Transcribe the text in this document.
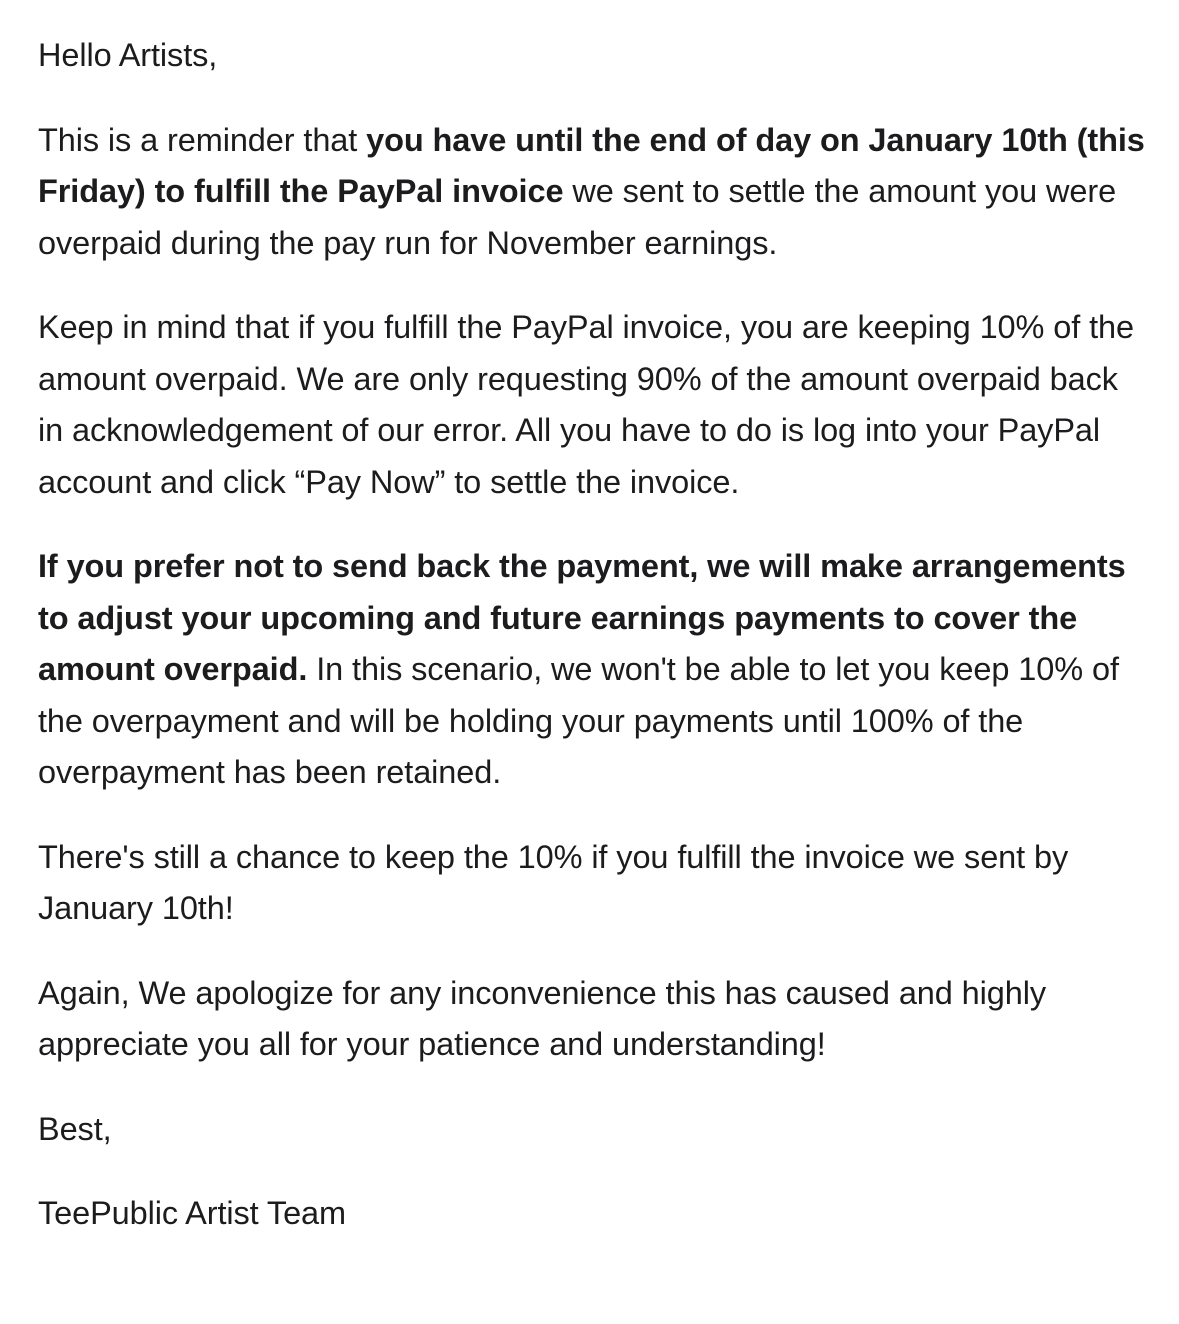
Hello Artists,

This is a reminder that you have until the end of day on January 10th (this Friday) to fulfill the PayPal invoice we sent to settle the amount you were overpaid during the pay run for November earnings.

Keep in mind that if you fulfill the PayPal invoice, you are keeping 10% of the amount overpaid. We are only requesting 90% of the amount overpaid back in acknowledgement of our error. All you have to do is log into your PayPal account and click “Pay Now” to settle the invoice.

If you prefer not to send back the payment, we will make arrangements to adjust your upcoming and future earnings payments to cover the amount overpaid. In this scenario, we won't be able to let you keep 10% of the overpayment and will be holding your payments until 100% of the overpayment has been retained.

There's still a chance to keep the 10% if you fulfill the invoice we sent by January 10th!

Again, We apologize for any inconvenience this has caused and highly appreciate you all for your patience and understanding!

Best,

TeePublic Artist Team
